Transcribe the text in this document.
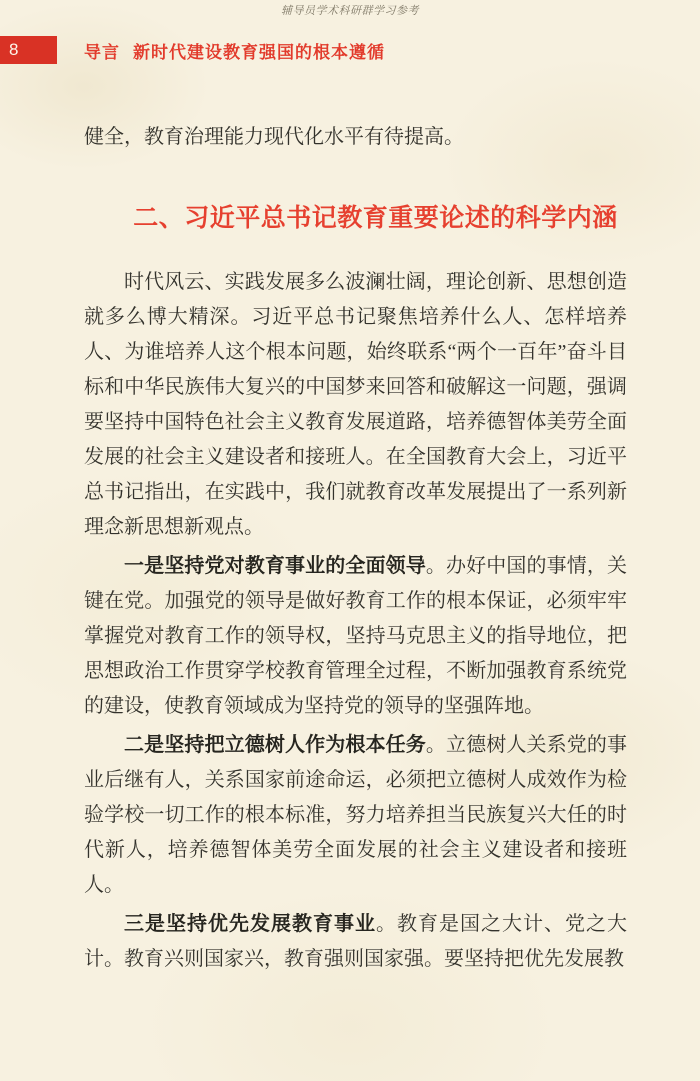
辅导员学术科研群学习参考
8	导言 新时代建设教育强国的根本遵循
健全，教育治理能力现代化水平有待提高。
二、习近平总书记教育重要论述的科学内涵

时代风云、实践发展多么波澜壮阔，理论创新、思想创造就多么博大精深。习近平总书记聚焦培养什么人、怎样培养人、为谁培养人这个根本问题，始终联系“两个一百年”奋斗目标和中华民族伟大复兴的中国梦来回答和破解这一问题，强调要坚持中国特色社会主义教育发展道路，培养德智体美劳全面发展的社会主义建设者和接班人。在全国教育大会上，习近平总书记指出，在实践中，我们就教育改革发展提出了一系列新理念新思想新观点。

一是坚持党对教育事业的全面领导。办好中国的事情，关键在党。加强党的领导是做好教育工作的根本保证，必须牢牢掌握党对教育工作的领导权，坚持马克思主义的指导地位，把思想政治工作贯穿学校教育管理全过程，不断加强教育系统党的建设，使教育领域成为坚持党的领导的坚强阵地。

二是坚持把立德树人作为根本任务。立德树人关系党的事业后继有人，关系国家前途命运，必须把立德树人成效作为检验学校一切工作的根本标准，努力培养担当民族复兴大任的时代新人，培养德智体美劳全面发展的社会主义建设者和接班人。

三是坚持优先发展教育事业。教育是国之大计、党之大计。教育兴则国家兴，教育强则国家强。要坚持把优先发展教
